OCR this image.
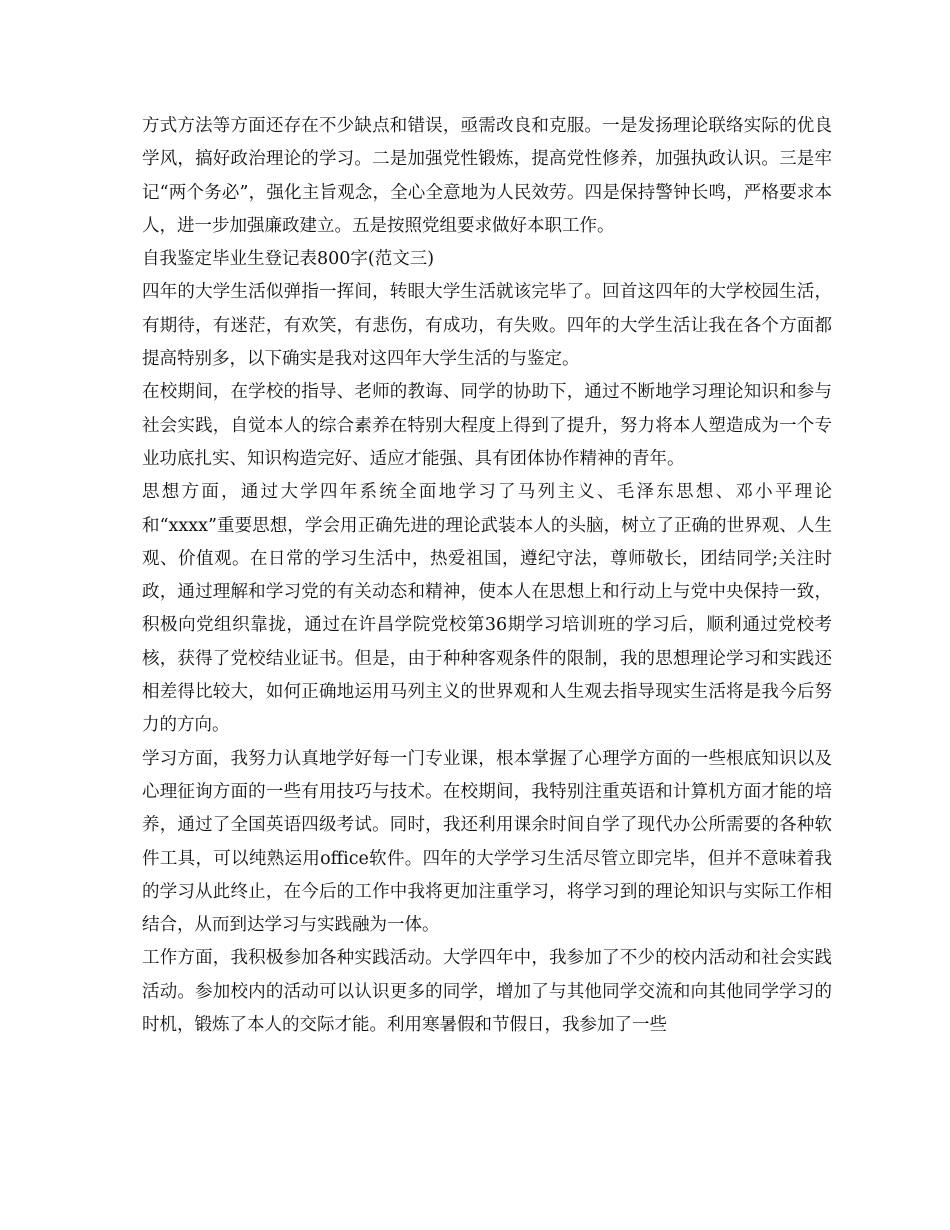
方式方法等方面还存在不少缺点和错误，亟需改良和克服。一是发扬理论联络实际的优良学风，搞好政治理论的学习。二是加强党性锻炼，提高党性修养，加强执政认识。三是牢记“两个务必”，强化主旨观念，全心全意地为人民效劳。四是保持警钟长鸣，严格要求本人，进一步加强廉政建立。五是按照党组要求做好本职工作。

自我鉴定毕业生登记表800字(范文三)

四年的大学生活似弹指一挥间，转眼大学生活就该完毕了。回首这四年的大学校园生活，有期待，有迷茫，有欢笑，有悲伤，有成功，有失败。四年的大学生活让我在各个方面都提高特别多，以下确实是我对这四年大学生活的与鉴定。

在校期间，在学校的指导、老师的教诲、同学的协助下，通过不断地学习理论知识和参与社会实践，自觉本人的综合素养在特别大程度上得到了提升，努力将本人塑造成为一个专业功底扎实、知识构造完好、适应才能强、具有团体协作精神的青年。

思想方面，通过大学四年系统全面地学习了马列主义、毛泽东思想、邓小平理论和“xxxx”重要思想，学会用正确先进的理论武装本人的头脑，树立了正确的世界观、人生观、价值观。在日常的学习生活中，热爱祖国，遵纪守法，尊师敬长，团结同学;关注时政，通过理解和学习党的有关动态和精神，使本人在思想上和行动上与党中央保持一致，积极向党组织靠拢，通过在许昌学院党校第36期学习培训班的学习后，顺利通过党校考核，获得了党校结业证书。但是，由于种种客观条件的限制，我的思想理论学习和实践还相差得比较大，如何正确地运用马列主义的世界观和人生观去指导现实生活将是我今后努力的方向。

学习方面，我努力认真地学好每一门专业课，根本掌握了心理学方面的一些根底知识以及心理征询方面的一些有用技巧与技术。在校期间，我特别注重英语和计算机方面才能的培养，通过了全国英语四级考试。同时，我还利用课余时间自学了现代办公所需要的各种软件工具，可以纯熟运用office软件。四年的大学学习生活尽管立即完毕，但并不意味着我的学习从此终止，在今后的工作中我将更加注重学习，将学习到的理论知识与实际工作相结合，从而到达学习与实践融为一体。

工作方面，我积极参加各种实践活动。大学四年中，我参加了不少的校内活动和社会实践活动。参加校内的活动可以认识更多的同学，增加了与其他同学交流和向其他同学学习的时机，锻炼了本人的交际才能。利用寒暑假和节假日，我参加了一些
